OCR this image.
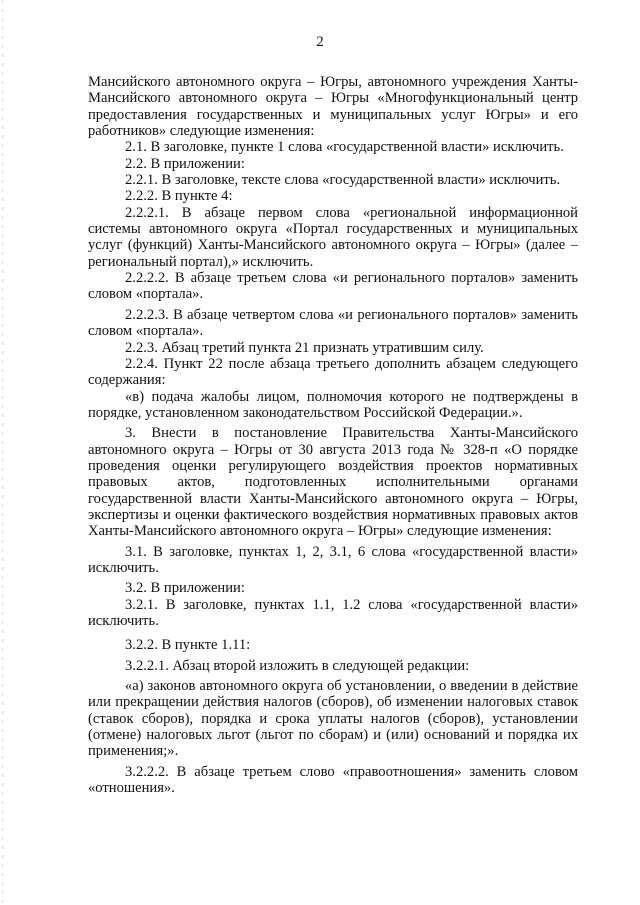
2

Мансийского автономного округа – Югры, автономного учреждения Ханты-Мансийского автономного округа – Югры «Многофункциональный центр предоставления государственных и муниципальных услуг Югры» и его работников» следующие изменения:

2.1. В заголовке, пункте 1 слова «государственной власти» исключить.

2.2. В приложении:

2.2.1. В заголовке, тексте слова «государственной власти» исключить.

2.2.2. В пункте 4:

2.2.2.1. В абзаце первом слова «региональной информационной системы автономного округа «Портал государственных и муниципальных услуг (функций) Ханты-Мансийского автономного округа – Югры» (далее – региональный портал),» исключить.

2.2.2.2. В абзаце третьем слова «и регионального порталов» заменить словом «портала».

2.2.2.3. В абзаце четвертом слова «и регионального порталов» заменить словом «портала».

2.2.3. Абзац третий пункта 21 признать утратившим силу.

2.2.4. Пункт 22 после абзаца третьего дополнить абзацем следующего содержания:

«в) подача жалобы лицом, полномочия которого не подтверждены в порядке, установленном законодательством Российской Федерации.».

3. Внести в постановление Правительства Ханты-Мансийского автономного округа – Югры от 30 августа 2013 года № 328-п «О порядке проведения оценки регулирующего воздействия проектов нормативных правовых актов, подготовленных исполнительными органами государственной власти Ханты-Мансийского автономного округа – Югры, экспертизы и оценки фактического воздействия нормативных правовых актов Ханты-Мансийского автономного округа – Югры» следующие изменения:

3.1. В заголовке, пунктах 1, 2, 3.1, 6 слова «государственной власти» исключить.

3.2. В приложении:

3.2.1. В заголовке, пунктах 1.1, 1.2 слова «государственной власти» исключить.

3.2.2. В пункте 1.11:

3.2.2.1. Абзац второй изложить в следующей редакции:

«а) законов автономного округа об установлении, о введении в действие или прекращении действия налогов (сборов), об изменении налоговых ставок (ставок сборов), порядка и срока уплаты налогов (сборов), установлении (отмене) налоговых льгот (льгот по сборам) и (или) оснований и порядка их применения;».

3.2.2.2. В абзаце третьем слово «правоотношения» заменить словом «отношения».
